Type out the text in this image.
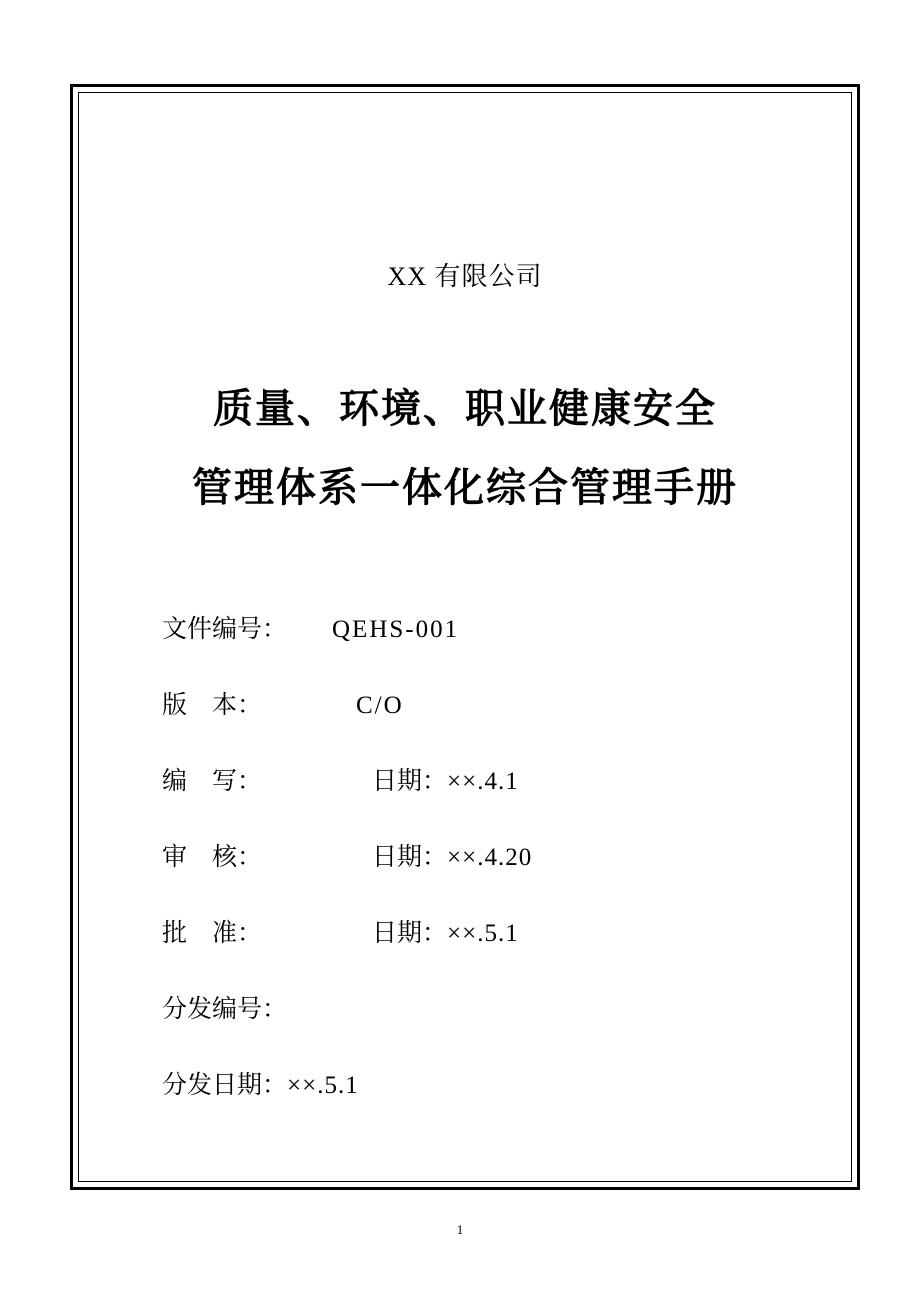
XX 有限公司
质量、环境、职业健康安全
管理体系一体化综合管理手册
文件编号：	QEHS-001
版    本：	C/O
编    写：	日期： ××.4.1
审    核：	日期： ××.4.20
批    准：	日期： ××.5.1
分发编号：
分发日期： ××.5.1
1
